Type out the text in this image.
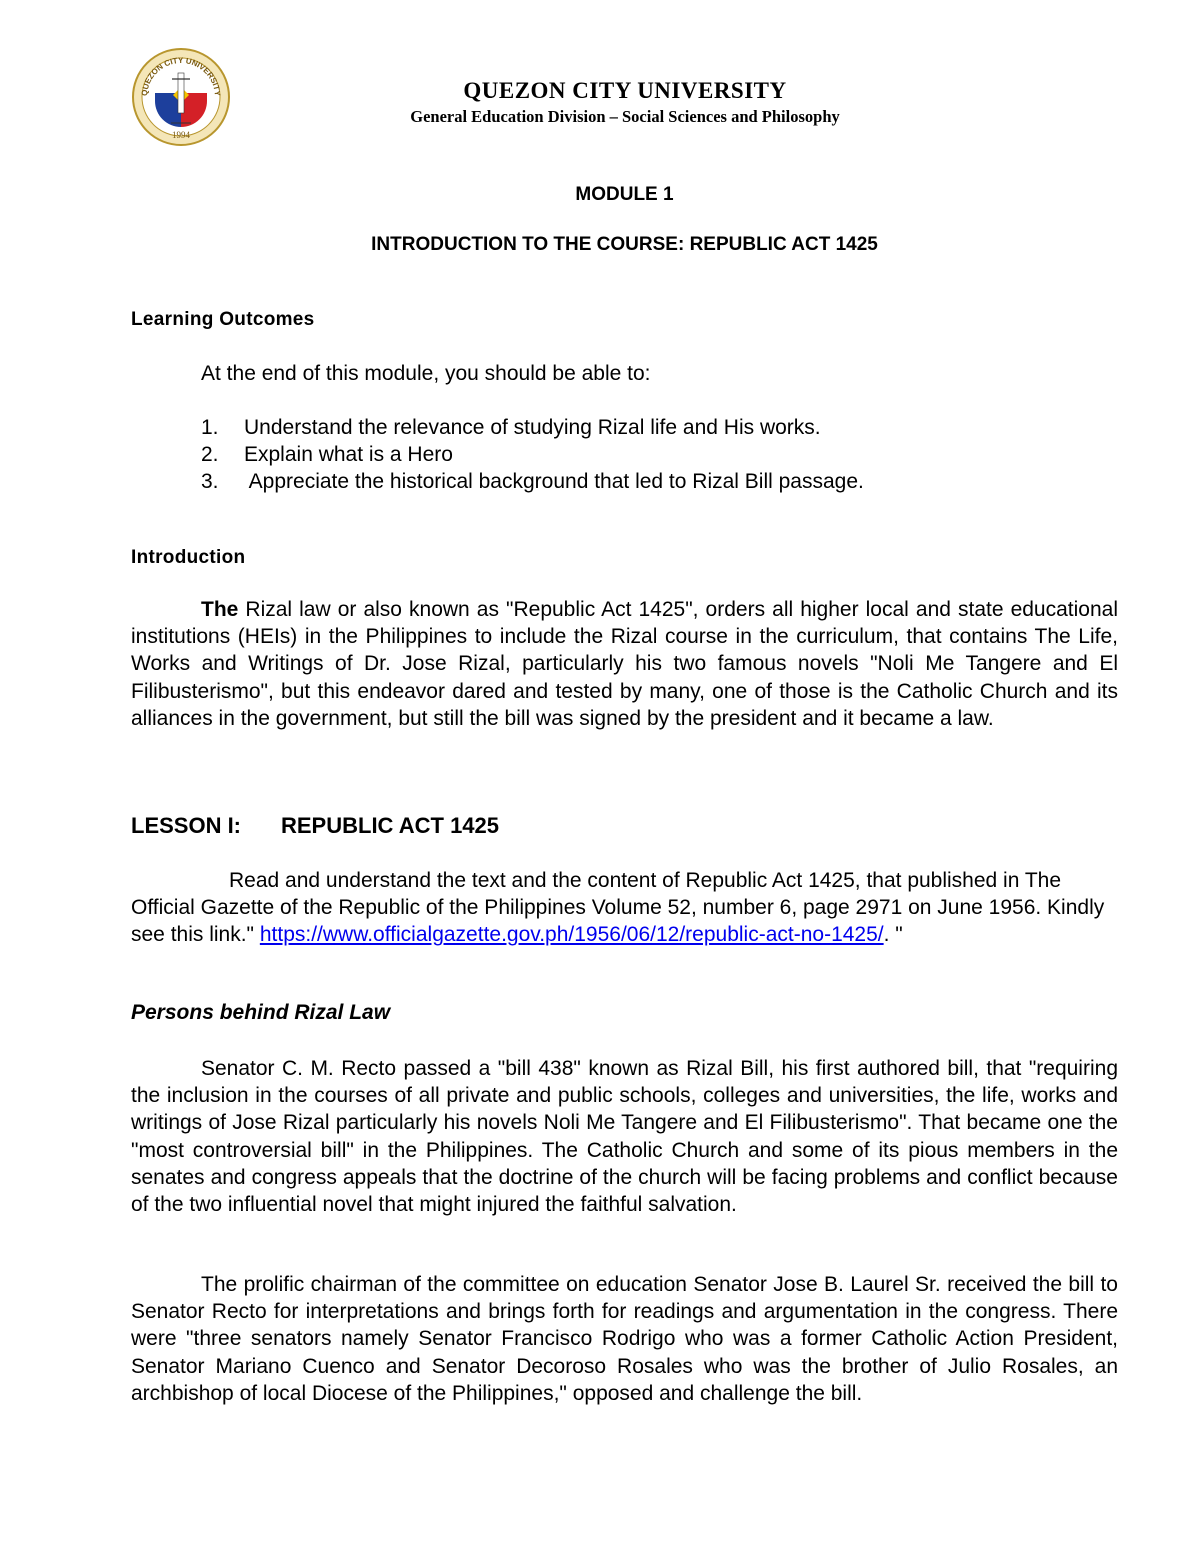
QUEZON CITY UNIVERSITY
1994
QUEZON CITY UNIVERSITY
General Education Division – Social Sciences and Philosophy
MODULE 1
INTRODUCTION TO THE COURSE: REPUBLIC ACT 1425
Learning Outcomes
At the end of this module, you should be able to:
1.	Understand the relevance of studying Rizal life and His works.
2.	Explain what is a Hero
3.	Appreciate the historical background that led to Rizal Bill passage.
Introduction

The Rizal law or also known as "Republic Act 1425", orders all higher local and state educational institutions (HEIs) in the Philippines to include the Rizal course in the curriculum, that contains The Life, Works and Writings of Dr. Jose Rizal, particularly his two famous novels "Noli Me Tangere and El Filibusterismo", but this endeavor dared and tested by many, one of those is the Catholic Church and its alliances in the government, but still the bill was signed by the president and it became a law.

LESSON I: REPUBLIC ACT 1425

Read and understand the text and the content of Republic Act 1425, that published in The Official Gazette of the Republic of the Philippines Volume 52, number 6, page 2971 on June 1956. Kindly see this link." https://www.officialgazette.gov.ph/1956/06/12/republic-act-no-1425/. "

Persons behind Rizal Law

Senator C. M. Recto passed a "bill 438" known as Rizal Bill, his first authored bill, that "requiring the inclusion in the courses of all private and public schools, colleges and universities, the life, works and writings of Jose Rizal particularly his novels Noli Me Tangere and El Filibusterismo". That became one the "most controversial bill" in the Philippines. The Catholic Church and some of its pious members in the senates and congress appeals that the doctrine of the church will be facing problems and conflict because of the two influential novel that might injured the faithful salvation.

The prolific chairman of the committee on education Senator Jose B. Laurel Sr. received the bill to Senator Recto for interpretations and brings forth for readings and argumentation in the congress. There were "three senators namely Senator Francisco Rodrigo who was a former Catholic Action President, Senator Mariano Cuenco and Senator Decoroso Rosales who was the brother of Julio Rosales, an archbishop of local Diocese of the Philippines," opposed and challenge the bill.
